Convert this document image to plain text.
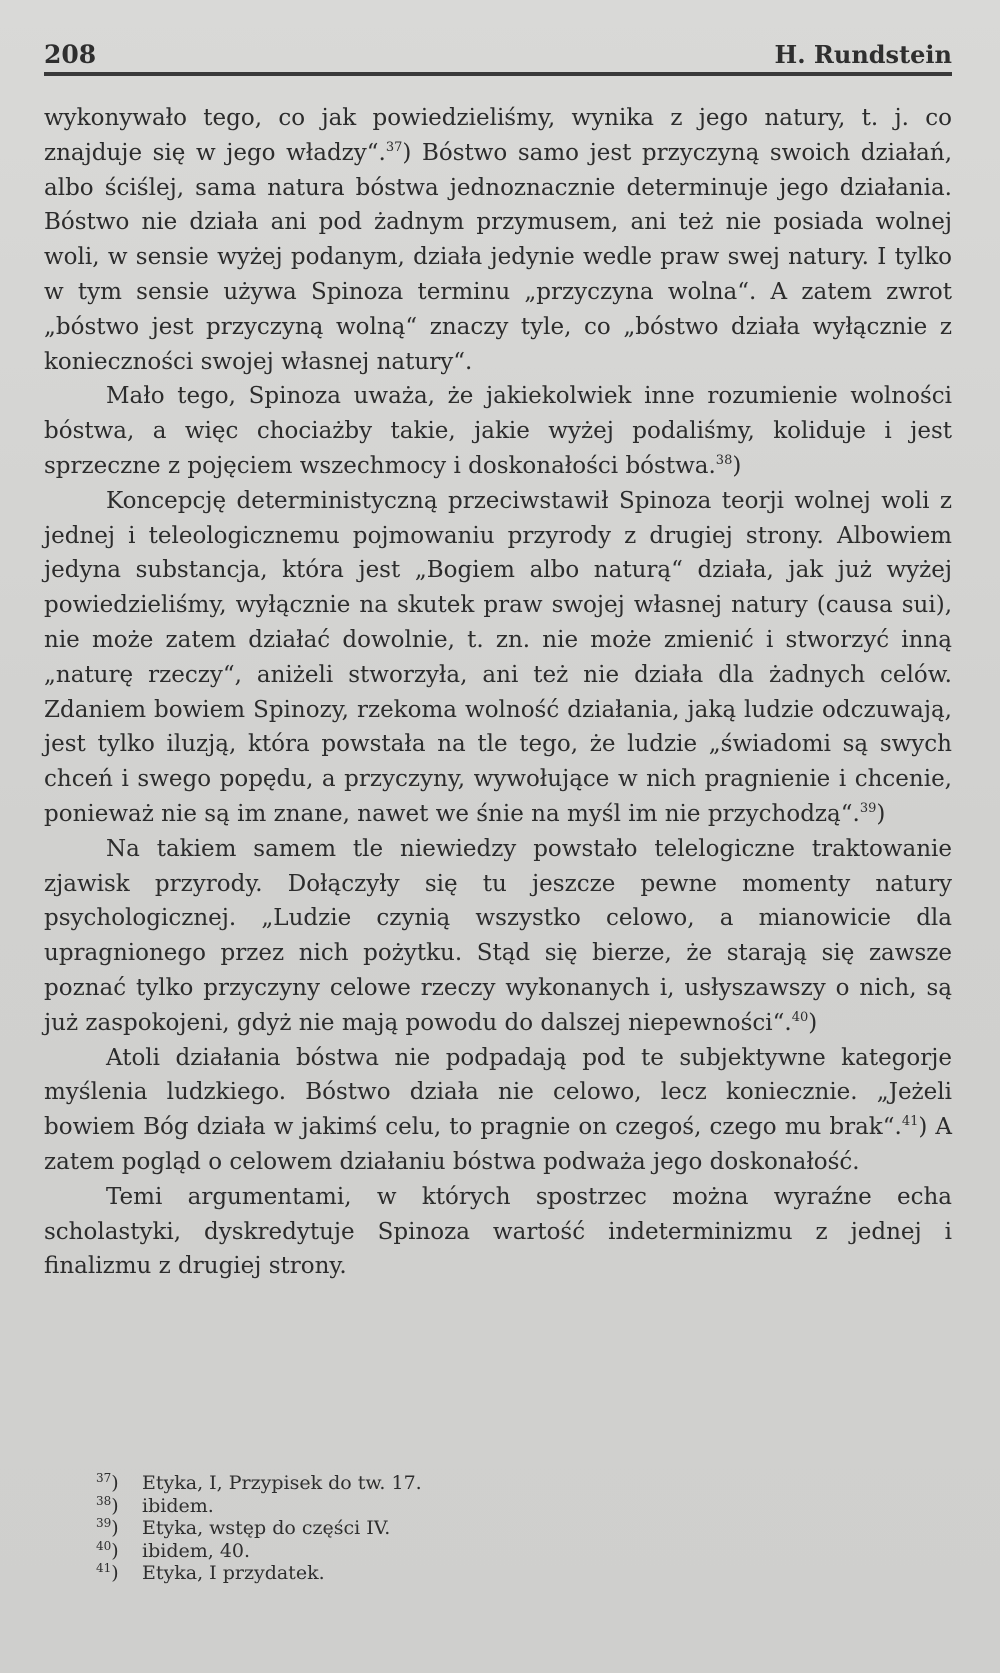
208	H. Rundstein

wykonywało tego, co jak powiedzieliśmy, wynika z jego natury, t. j. co znajduje się w jego władzy“.$^{37}$) Bóstwo samo jest przyczyną swoich działań, albo ściślej, sama natura bóstwa jednoznacznie determinuje jego działania. Bóstwo nie działa ani pod żadnym przymusem, ani też nie posiada wolnej woli, w sensie wyżej podanym, działa jedynie wedle praw swej natury. I tylko w tym sensie używa Spinoza terminu „przyczyna wolna“. A zatem zwrot „bóstwo jest przyczyną wolną“ znaczy tyle, co „bóstwo działa wyłącznie z konieczności swojej własnej natury“.

Mało tego, Spinoza uważa, że jakiekolwiek inne rozumienie wolności bóstwa, a więc chociażby takie, jakie wyżej podaliśmy, koliduje i jest sprzeczne z pojęciem wszechmocy i doskonałości bóstwa.$^{38}$)

Koncepcję deterministyczną przeciwstawił Spinoza teorji wolnej woli z jednej i teleologicznemu pojmowaniu przyrody z drugiej strony. Albowiem jedyna substancja, która jest „Bogiem albo naturą“ działa, jak już wyżej powiedzieliśmy, wyłącznie na skutek praw swojej własnej natury (causa sui), nie może zatem działać dowolnie, t. zn. nie może zmienić i stworzyć inną „naturę rzeczy“, aniżeli stworzyła, ani też nie działa dla żadnych celów. Zdaniem bowiem Spinozy, rzekoma wolność działania, jaką ludzie odczuwają, jest tylko iluzją, która powstała na tle tego, że ludzie „świadomi są swych chceń i swego popędu, a przyczyny, wywołujące w nich pragnienie i chcenie, ponieważ nie są im znane, nawet we śnie na myśl im nie przychodzą“.$^{39}$)

Na takiem samem tle niewiedzy powstało telelogiczne traktowanie zjawisk przyrody. Dołączyły się tu jeszcze pewne momenty natury psychologicznej. „Ludzie czynią wszystko celowo, a mianowicie dla upragnionego przez nich pożytku. Stąd się bierze, że starają się zawsze poznać tylko przyczyny celowe rzeczy wykonanych i, usłyszawszy o nich, są już zaspokojeni, gdyż nie mają powodu do dalszej niepewności“.$^{40}$)

Atoli działania bóstwa nie podpadają pod te subjektywne kategorje myślenia ludzkiego. Bóstwo działa nie celowo, lecz koniecznie. „Jeżeli bowiem Bóg działa w jakimś celu, to pragnie on czegoś, czego mu brak“.$^{41}$) A zatem pogląd o celowem działaniu bóstwa podważa jego doskonałość.

Temi argumentami, w których spostrzec można wyraźne echa scholastyki, dyskredytuje Spinoza wartość indeterminizmu z jednej i finalizmu z drugiej strony.

$^{37}$) Etyka, I, Przypisek do tw. 17.
$^{38}$) ibidem.
$^{39}$) Etyka, wstęp do części IV.
$^{40}$) ibidem, 40.
$^{41}$) Etyka, I przydatek.
